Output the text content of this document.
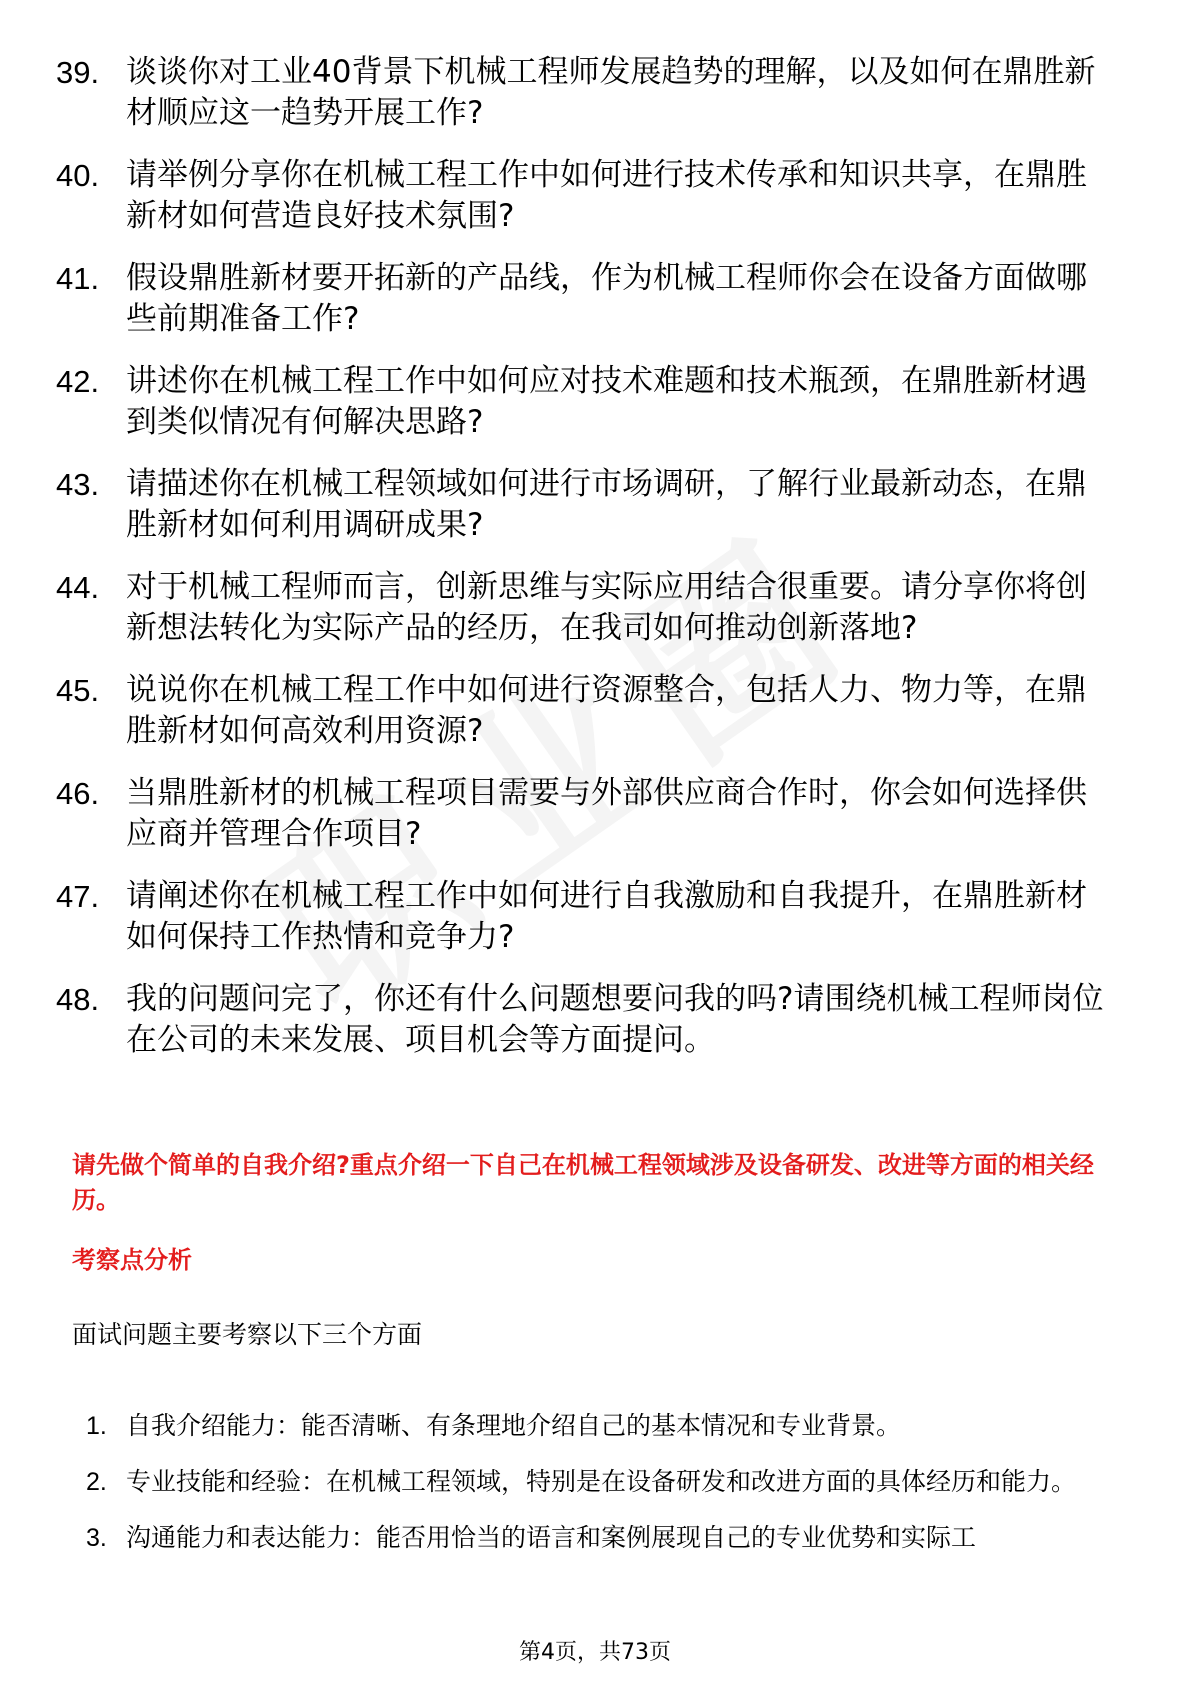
39. 谈谈你对工业40背景下机械工程师发展趋势的理解，以及如何在鼎胜新材顺应这一趋势开展工作?
40. 请举例分享你在机械工程工作中如何进行技术传承和知识共享，在鼎胜新材如何营造良好技术氛围?
41. 假设鼎胜新材要开拓新的产品线，作为机械工程师你会在设备方面做哪些前期准备工作?
42. 讲述你在机械工程工作中如何应对技术难题和技术瓶颈，在鼎胜新材遇到类似情况有何解决思路?
43. 请描述你在机械工程领域如何进行市场调研，了解行业最新动态，在鼎胜新材如何利用调研成果?
44. 对于机械工程师而言，创新思维与实际应用结合很重要。请分享你将创新想法转化为实际产品的经历，在我司如何推动创新落地?
45. 说说你在机械工程工作中如何进行资源整合，包括人力、物力等，在鼎胜新材如何高效利用资源?
46. 当鼎胜新材的机械工程项目需要与外部供应商合作时，你会如何选择供应商并管理合作项目?
47. 请阐述你在机械工程工作中如何进行自我激励和自我提升，在鼎胜新材如何保持工作热情和竞争力?
48. 我的问题问完了，你还有什么问题想要问我的吗?请围绕机械工程师岗位在公司的未来发展、项目机会等方面提问。
请先做个简单的自我介绍?重点介绍一下自己在机械工程领域涉及设备研发、改进等方面的相关经历。
考察点分析
面试问题主要考察以下三个方面
1. 自我介绍能力：能否清晰、有条理地介绍自己的基本情况和专业背景。
2. 专业技能和经验：在机械工程领域，特别是在设备研发和改进方面的具体经历和能力。
3. 沟通能力和表达能力：能否用恰当的语言和案例展现自己的专业优势和实际工
第4页，共73页
